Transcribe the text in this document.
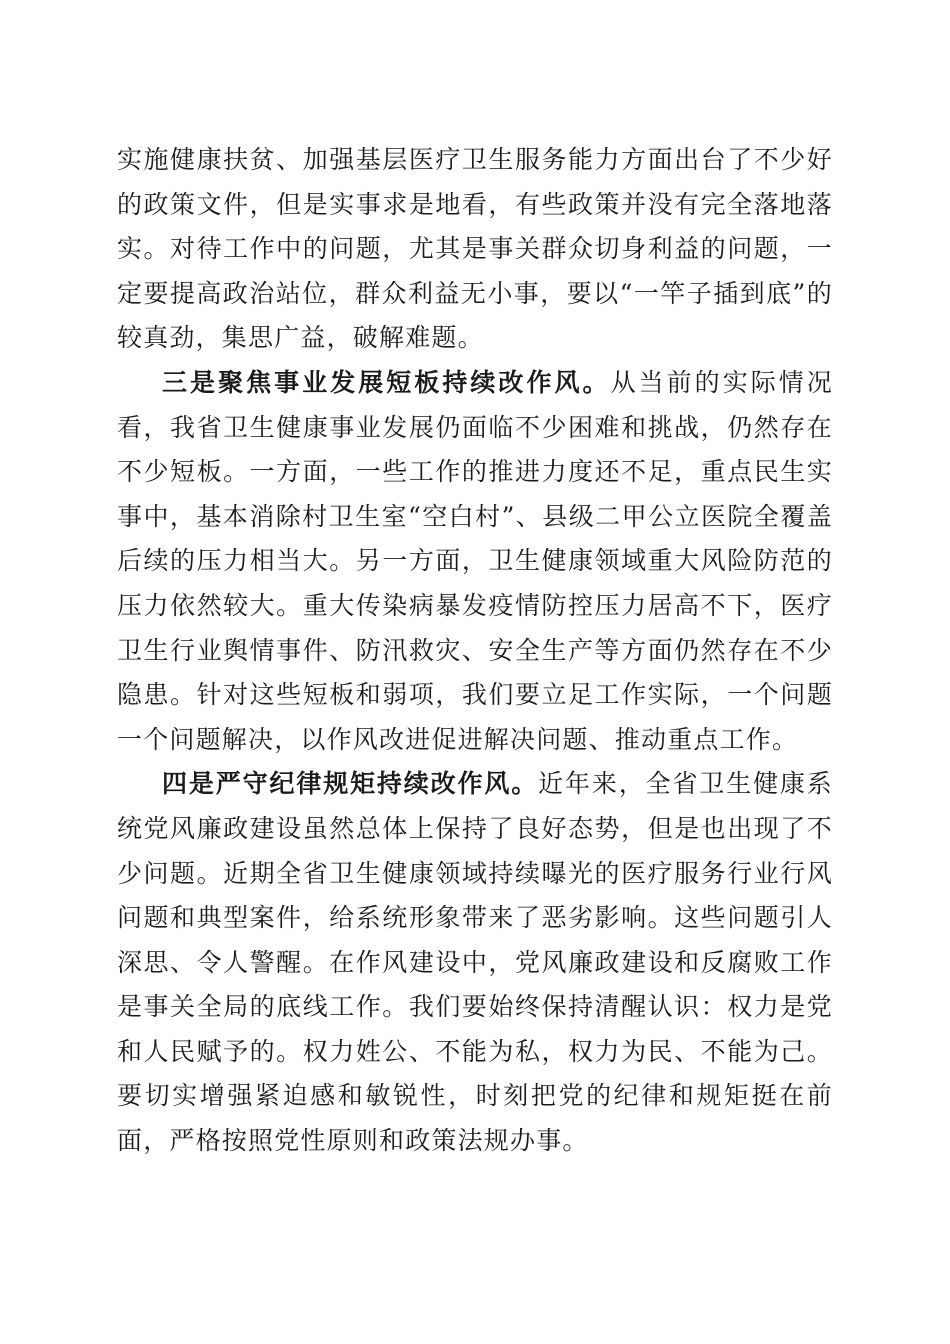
实施健康扶贫、加强基层医疗卫生服务能力方面出台了不少好的政策文件，但是实事求是地看，有些政策并没有完全落地落实。对待工作中的问题，尤其是事关群众切身利益的问题，一定要提高政治站位，群众利益无小事，要以“一竿子插到底”的较真劲，集思广益，破解难题。

三是聚焦事业发展短板持续改作风。从当前的实际情况看，我省卫生健康事业发展仍面临不少困难和挑战，仍然存在不少短板。一方面，一些工作的推进力度还不足，重点民生实事中，基本消除村卫生室“空白村”、县级二甲公立医院全覆盖后续的压力相当大。另一方面，卫生健康领域重大风险防范的压力依然较大。重大传染病暴发疫情防控压力居高不下，医疗卫生行业舆情事件、防汛救灾、安全生产等方面仍然存在不少隐患。针对这些短板和弱项，我们要立足工作实际，一个问题一个问题解决，以作风改进促进解决问题、推动重点工作。

四是严守纪律规矩持续改作风。近年来，全省卫生健康系统党风廉政建设虽然总体上保持了良好态势，但是也出现了不少问题。近期全省卫生健康领域持续曝光的医疗服务行业行风问题和典型案件，给系统形象带来了恶劣影响。这些问题引人深思、令人警醒。在作风建设中，党风廉政建设和反腐败工作是事关全局的底线工作。我们要始终保持清醒认识：权力是党和人民赋予的。权力姓公、不能为私，权力为民、不能为己。要切实增强紧迫感和敏锐性，时刻把党的纪律和规矩挺在前面，严格按照党性原则和政策法规办事。
